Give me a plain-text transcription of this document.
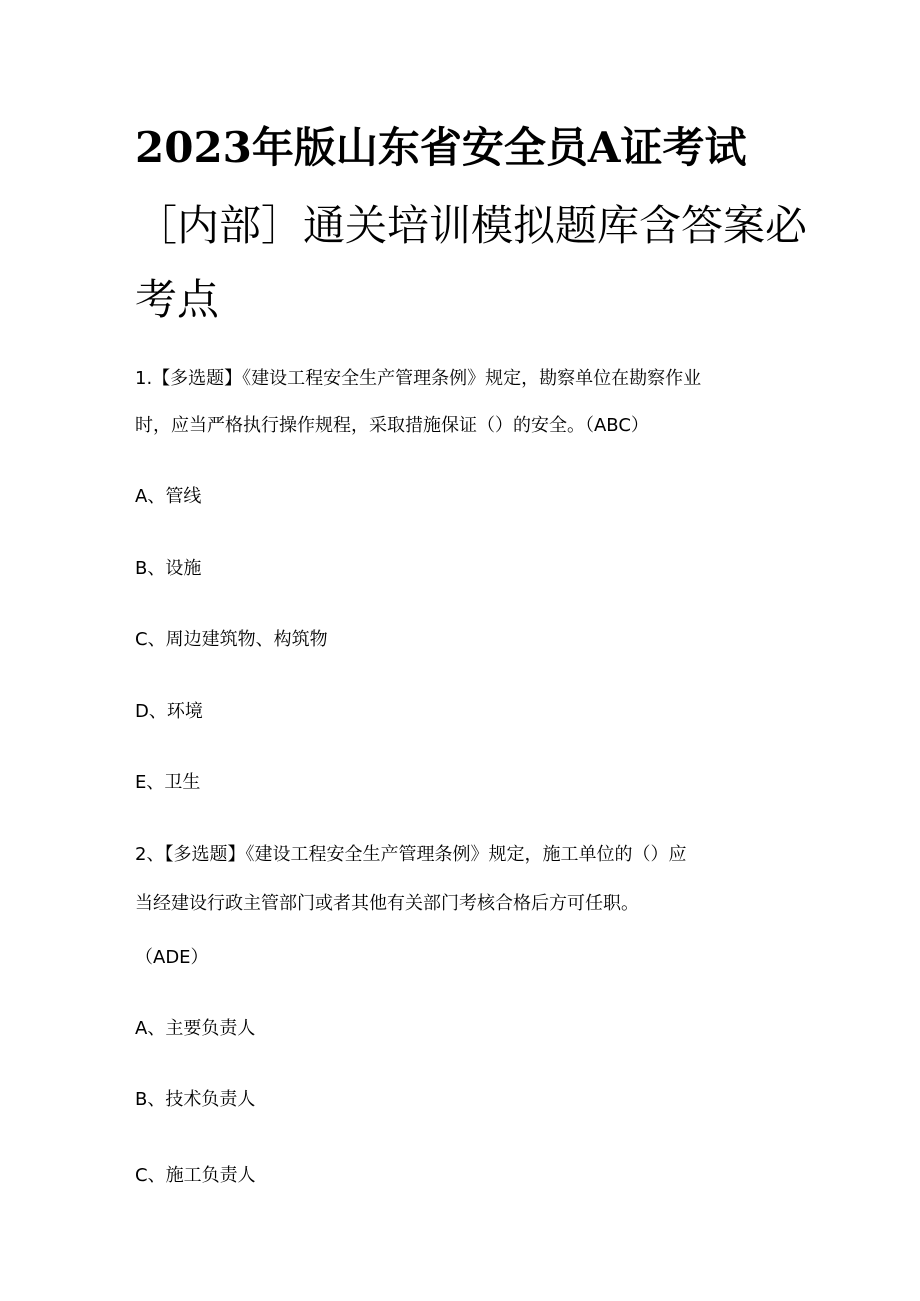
2023年版山东省安全员A证考试
［内部］通关培训模拟题库含答案必
考点
1.【多选题】《建设工程安全生产管理条例》规定，勘察单位在勘察作业
时，应当严格执行操作规程，采取措施保证（）的安全。（ABC）
A、管线
B、设施
C、周边建筑物、构筑物
D、环境
E、卫生
2、【多选题】《建设工程安全生产管理条例》规定，施工单位的（）应
当经建设行政主管部门或者其他有关部门考核合格后方可任职。
（ADE）
A、主要负责人
B、技术负责人
C、施工负责人
